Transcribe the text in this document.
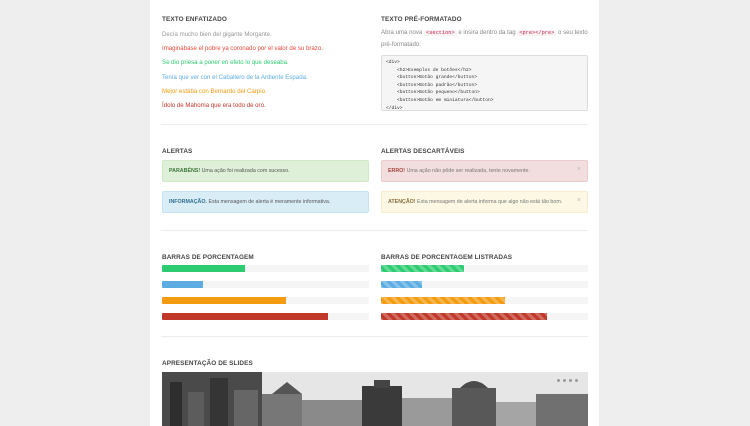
TEXTO ENFATIZADO

Decía mucho bien del gigante Morgante.

Imaginábase el pobre ya coronado por el valor de su brazo.

Se dio priesa a poner en efeto lo que deseaba.

Tenía que ver con el Caballero de la Ardiente Espada.

Mejor estaba con Bernardo del Carpio.

Ídolo de Mahoma que era todo de oro.

TEXTO PRÉ-FORMATADO
Abra uma nova <section> e insira dentro da tag <pre></pre> o seu texto pré-formatado:
<div>
<h2>Exemplos de botões</h2>
<button>Botão grande</button>
<button>Botão padrão</button>
<button>Botão pequeno</button>
<button>Botão em miniatura</button>
</div>
ALERTAS
PARABÉNS! Uma ação foi realizada com sucesso.
INFORMAÇÃO. Esta mensagem de alerta é meramente informativa.
ALERTAS DESCARTÁVEIS
ERRO! Uma ação não pôde ser realizada, tente novamente.	×
ATENÇÃO! Esta mensagem de alerta informa que algo não está tão bom. ×
BARRAS DE PORCENTAGEM	BARRAS DE PORCENTAGEM LISTRADAS
APRESENTAÇÃO DE SLIDES
